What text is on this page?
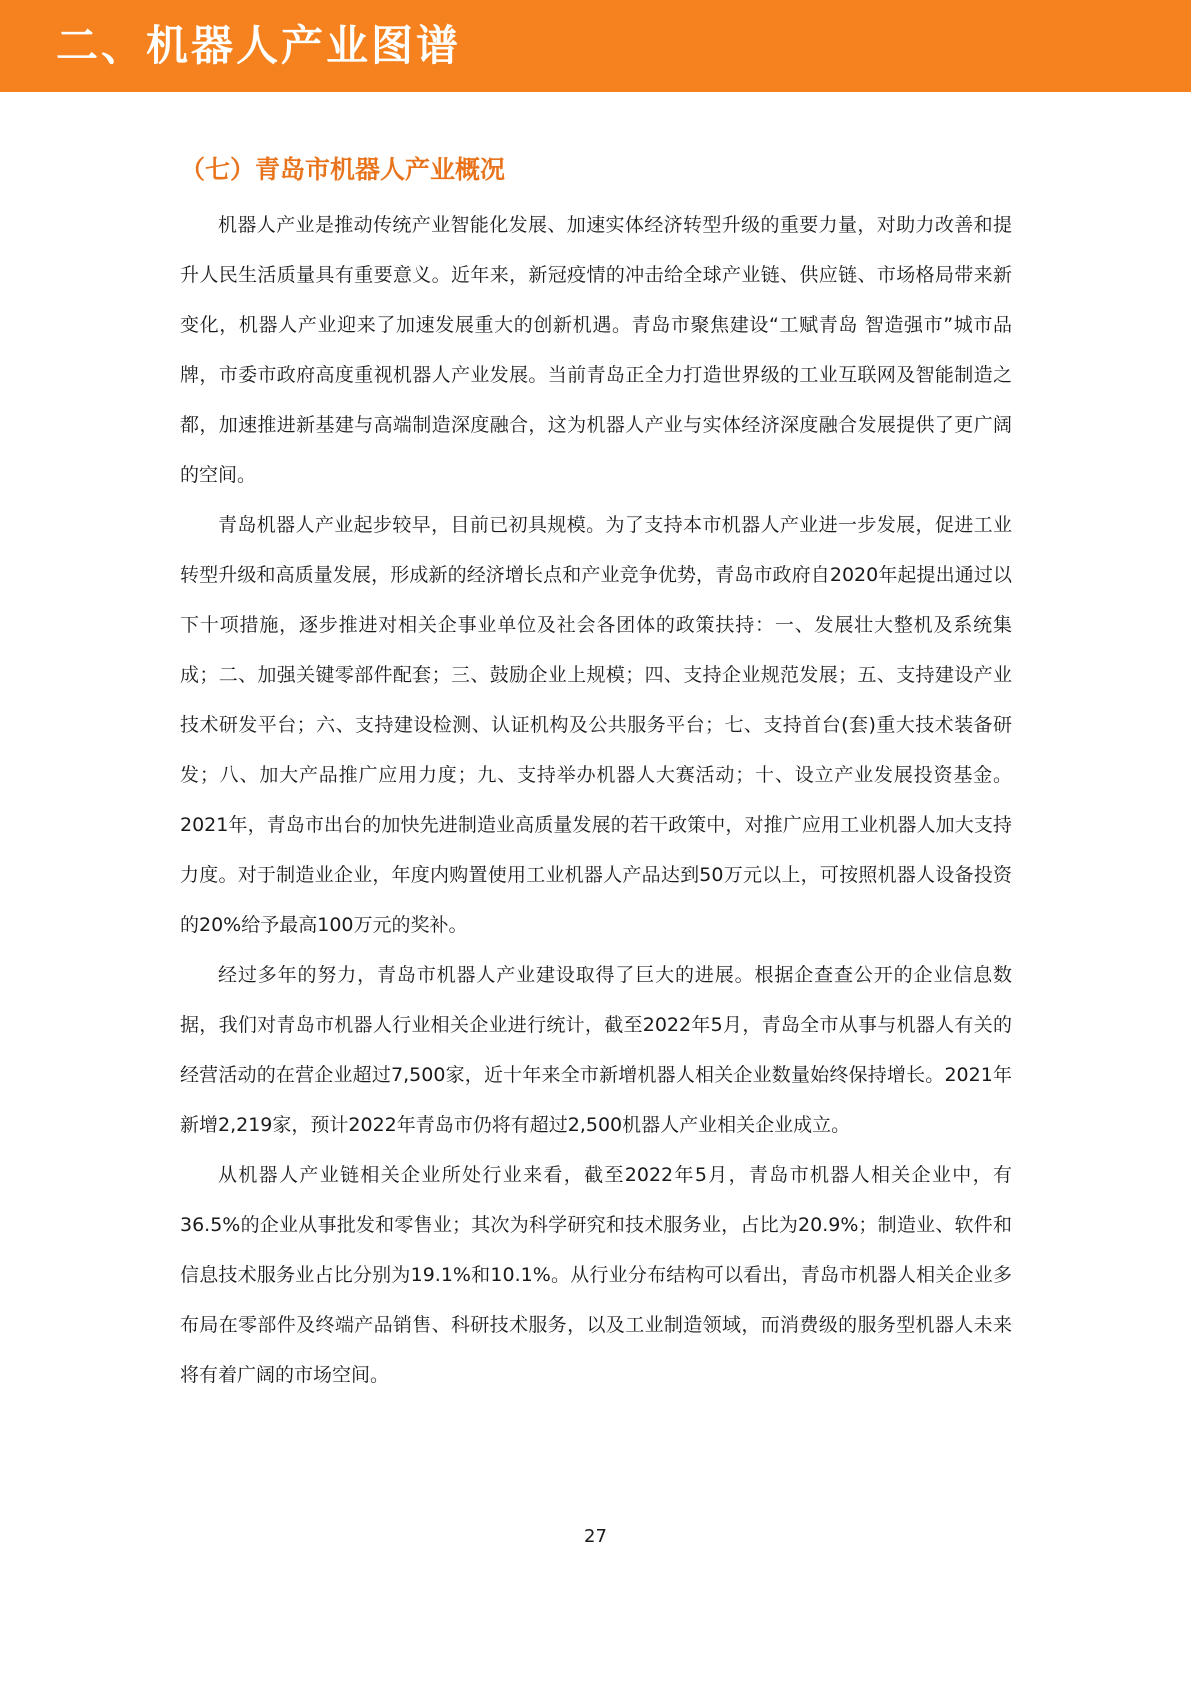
二、机器人产业图谱
（七）青岛市机器人产业概况

机器人产业是推动传统产业智能化发展、加速实体经济转型升级的重要力量，对助力改善和提升人民生活质量具有重要意义。近年来，新冠疫情的冲击给全球产业链、供应链、市场格局带来新变化，机器人产业迎来了加速发展重大的创新机遇。青岛市聚焦建设“工赋青岛 智造强市”城市品牌，市委市政府高度重视机器人产业发展。当前青岛正全力打造世界级的工业互联网及智能制造之都，加速推进新基建与高端制造深度融合，这为机器人产业与实体经济深度融合发展提供了更广阔的空间。

青岛机器人产业起步较早，目前已初具规模。为了支持本市机器人产业进一步发展，促进工业转型升级和高质量发展，形成新的经济增长点和产业竞争优势，青岛市政府自2020年起提出通过以下十项措施，逐步推进对相关企事业单位及社会各团体的政策扶持：一、发展壮大整机及系统集成；二、加强关键零部件配套；三、鼓励企业上规模；四、支持企业规范发展；五、支持建设产业技术研发平台；六、支持建设检测、认证机构及公共服务平台；七、支持首台(套)重大技术装备研发；八、加大产品推广应用力度；九、支持举办机器人大赛活动；十、设立产业发展投资基金。2021年，青岛市出台的加快先进制造业高质量发展的若干政策中，对推广应用工业机器人加大支持力度。对于制造业企业，年度内购置使用工业机器人产品达到50万元以上，可按照机器人设备投资的20%给予最高100万元的奖补。

经过多年的努力，青岛市机器人产业建设取得了巨大的进展。根据企查查公开的企业信息数据，我们对青岛市机器人行业相关企业进行统计，截至2022年5月，青岛全市从事与机器人有关的经营活动的在营企业超过7,500家，近十年来全市新增机器人相关企业数量始终保持增长。2021年新增2,219家，预计2022年青岛市仍将有超过2,500机器人产业相关企业成立。

从机器人产业链相关企业所处行业来看，截至2022年5月，青岛市机器人相关企业中，有36.5%的企业从事批发和零售业；其次为科学研究和技术服务业，占比为20.9%；制造业、软件和信息技术服务业占比分别为19.1%和10.1%。从行业分布结构可以看出，青岛市机器人相关企业多布局在零部件及终端产品销售、科研技术服务，以及工业制造领域，而消费级的服务型机器人未来将有着广阔的市场空间。

27
